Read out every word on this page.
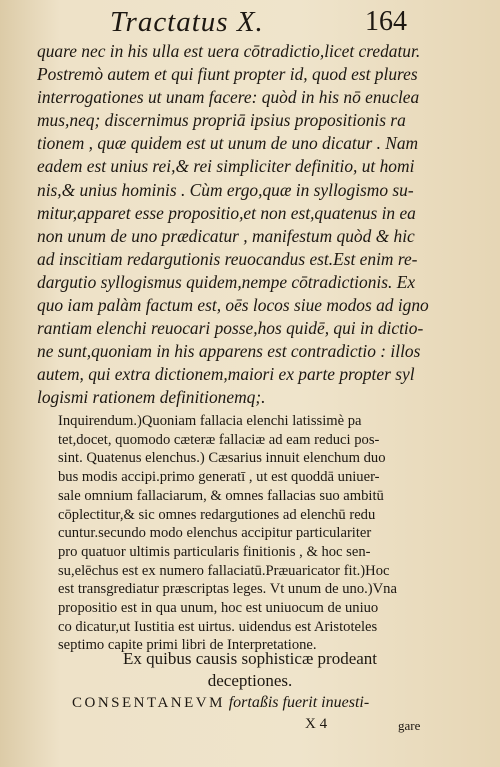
Tractatus X.	164
quare nec in his ulla est uera cōtradictio,licet credatur.
Postremò autem et qui fiunt propter id, quod est plures
interrogationes ut unam facere: quòd in his nō enuclea
mus,neq; discernimus propriā ipsius propositionis ra
tionem , quæ quidem est ut unum de uno dicatur . Nam
eadem est unius rei,& rei simpliciter definitio, ut homi
nis,& unius hominis . Cùm ergo,quæ in syllogismo su-
mitur,apparet esse propositio,et non est,quatenus in ea
non unum de uno prædicatur , manifestum quòd & hic
ad inscitiam redargutionis reuocandus est.Est enim re-
dargutio syllogismus quidem,nempe cōtradictionis. Ex
quo iam palàm factum est, oēs locos siue modos ad igno
rantiam elenchi reuocari posse,hos quidē, qui in dictio-
ne sunt,quoniam in his apparens est contradictio : illos
autem, qui extra dictionem,maiori ex parte propter syl
logismi rationem definitionemq;.
Inquirendum.)Quoniam fallacia elenchi latissimè pa
tet,docet, quomodo cæteræ fallaciæ ad eam reduci pos-
sint. Quatenus elenchus.) Cæsarius innuit elenchum duo
bus modis accipi.primo generatī , ut est quoddā uniuer-
sale omnium fallaciarum, & omnes fallacias suo ambitū
cōplectitur,& sic omnes redargutiones ad elenchū redu
cuntur.secundo modo elenchus accipitur particulariter
pro quatuor ultimis particularis finitionis , & hoc sen-
su,elēchus est ex numero fallaciatū.Præuaricator fit.)Hoc
est transgrediatur præscriptas leges. Vt unum de uno.)Vna
propositio est in qua unum, hoc est uniuocum de uniuo
co dicatur,ut Iustitia est uirtus. uidendus est Aristoteles
septimo capite primi libri de Interpretatione.
Ex quibus causis sophisticæ prodeant
deceptiones.
CONSENTANEVM fortaßis fuerit inuesti-
X 4	gare
